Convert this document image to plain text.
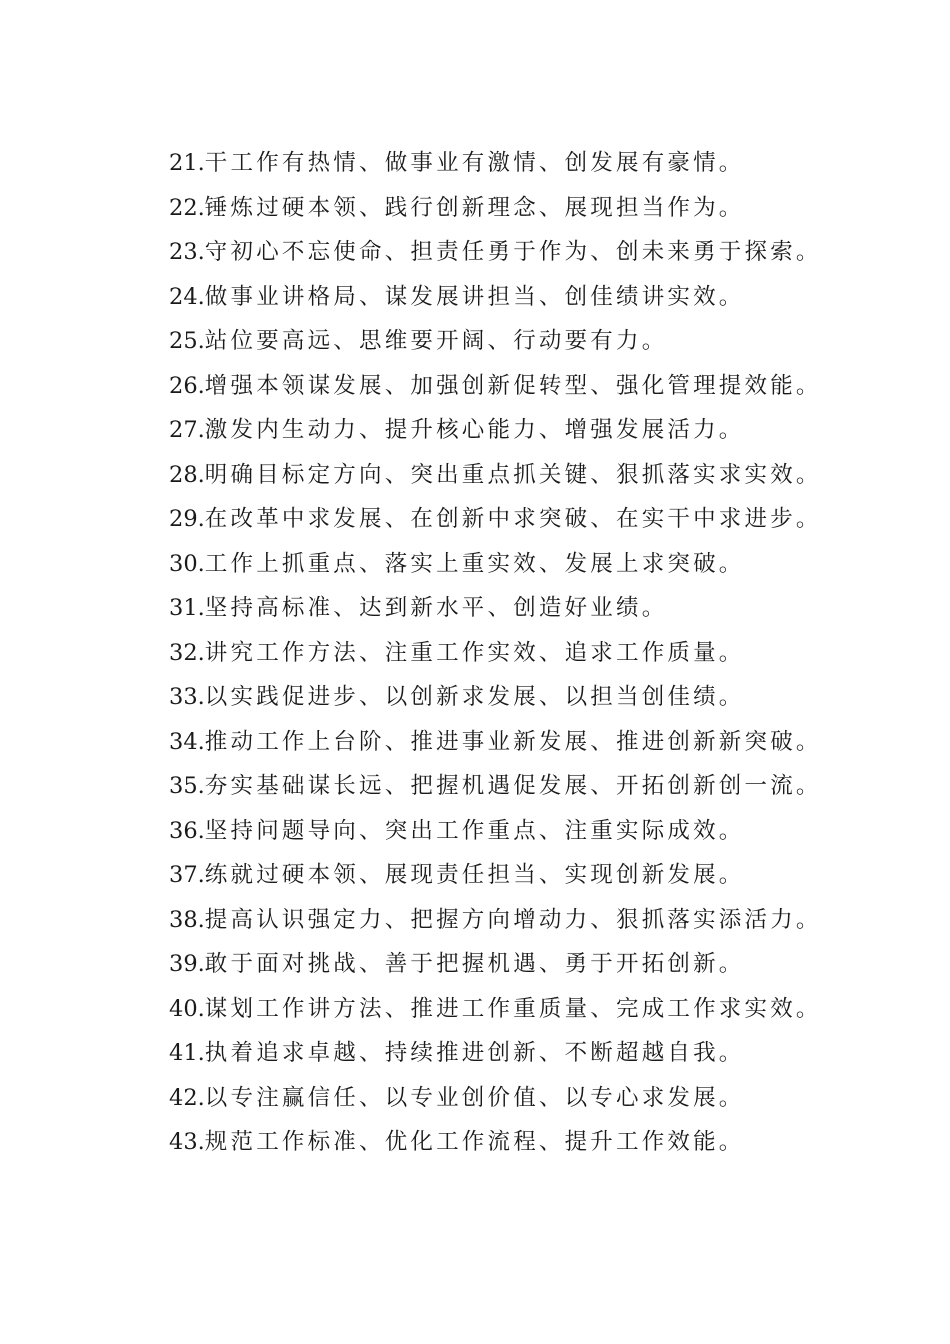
21.干工作有热情、做事业有激情、创发展有豪情。
22.锤炼过硬本领、践行创新理念、展现担当作为。
23.守初心不忘使命、担责任勇于作为、创未来勇于探索。
24.做事业讲格局、谋发展讲担当、创佳绩讲实效。
25.站位要高远、思维要开阔、行动要有力。
26.增强本领谋发展、加强创新促转型、强化管理提效能。
27.激发内生动力、提升核心能力、增强发展活力。
28.明确目标定方向、突出重点抓关键、狠抓落实求实效。
29.在改革中求发展、在创新中求突破、在实干中求进步。
30.工作上抓重点、落实上重实效、发展上求突破。
31.坚持高标准、达到新水平、创造好业绩。
32.讲究工作方法、注重工作实效、追求工作质量。
33.以实践促进步、以创新求发展、以担当创佳绩。
34.推动工作上台阶、推进事业新发展、推进创新新突破。
35.夯实基础谋长远、把握机遇促发展、开拓创新创一流。
36.坚持问题导向、突出工作重点、注重实际成效。
37.练就过硬本领、展现责任担当、实现创新发展。
38.提高认识强定力、把握方向增动力、狠抓落实添活力。
39.敢于面对挑战、善于把握机遇、勇于开拓创新。
40.谋划工作讲方法、推进工作重质量、完成工作求实效。
41.执着追求卓越、持续推进创新、不断超越自我。
42.以专注赢信任、以专业创价值、以专心求发展。
43.规范工作标准、优化工作流程、提升工作效能。
